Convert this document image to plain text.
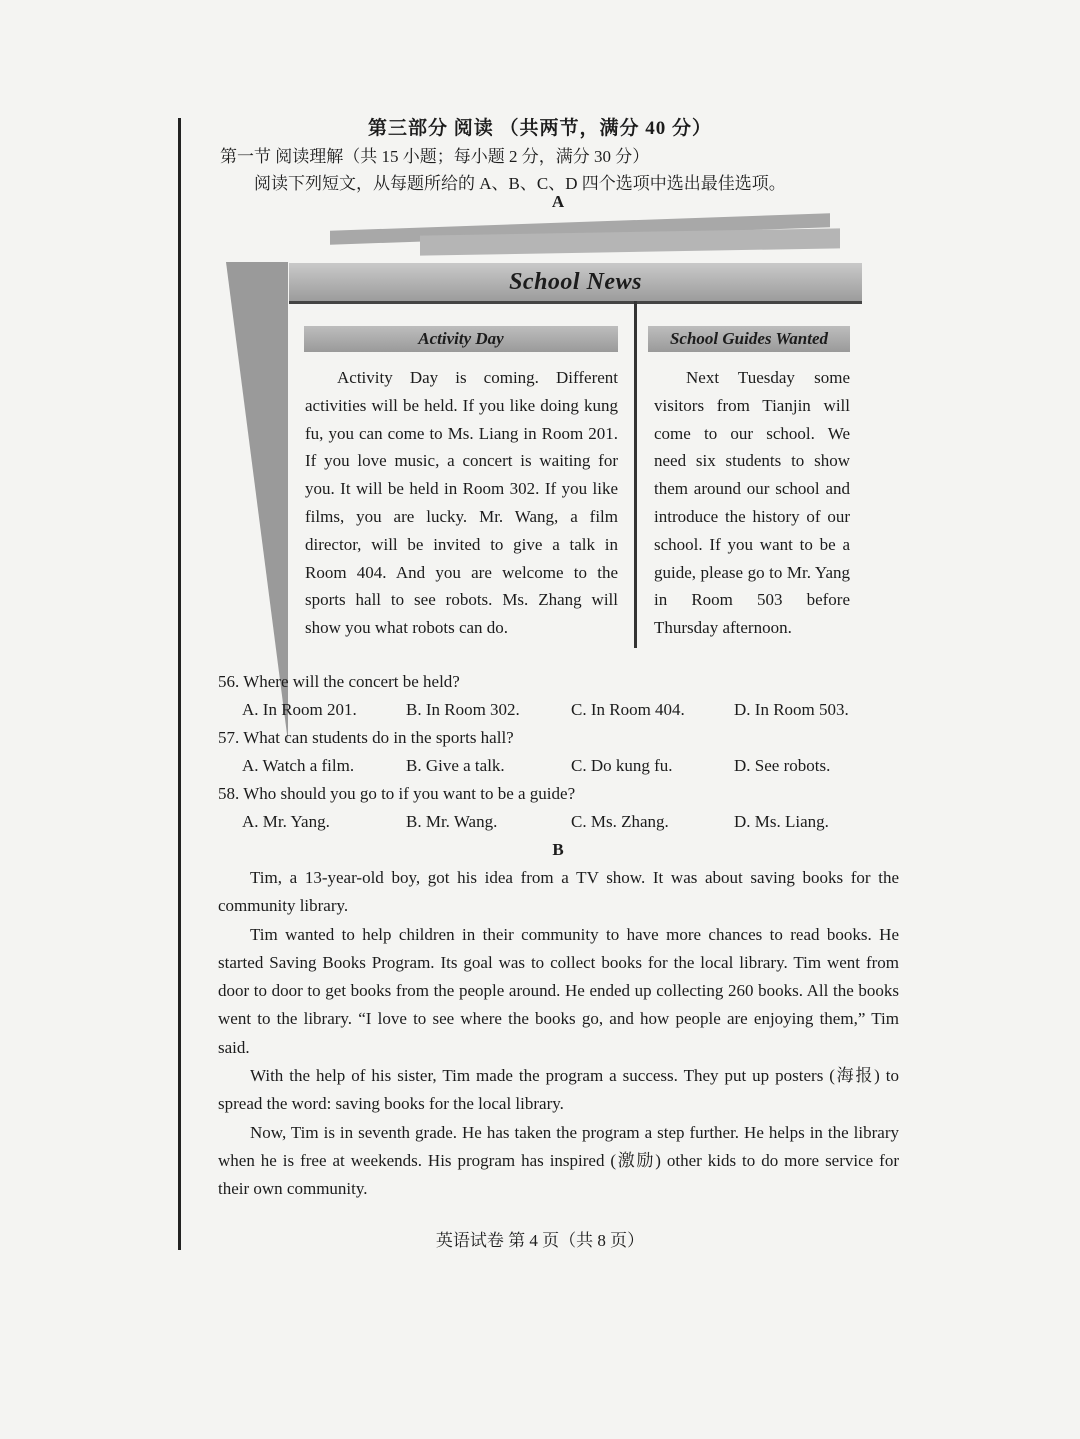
第三部分 阅读 （共两节，满分 40 分）
第一节 阅读理解（共 15 小题；每小题 2 分，满分 30 分）
阅读下列短文，从每题所给的 A、B、C、D 四个选项中选出最佳选项。
A
School News
Activity Day

Activity Day is coming. Different activities will be held. If you like doing kung fu, you can come to Ms. Liang in Room 201. If you love music, a concert is waiting for you. It will be held in Room 302. If you like films, you are lucky. Mr. Wang, a film director, will be invited to give a talk in Room 404. And you are welcome to the sports hall to see robots. Ms. Zhang will show you what robots can do.

School Guides Wanted

Next Tuesday some visitors from Tianjin will come to our school. We need six students to show them around our school and introduce the history of our school. If you want to be a guide, please go to Mr. Yang in Room 503 before Thursday afternoon.

56. Where will the concert be held?
A. In Room 201.	B. In Room 302.	C. In Room 404.	D. In Room 503.
57. What can students do in the sports hall?
A. Watch a film.	B. Give a talk.	C. Do kung fu.	D. See robots.
58. Who should you go to if you want to be a guide?
A. Mr. Yang.	B. Mr. Wang.	C. Ms. Zhang.	D. Ms. Liang.
B

Tim, a 13-year-old boy, got his idea from a TV show. It was about saving books for the community library.

Tim wanted to help children in their community to have more chances to read books. He started Saving Books Program. Its goal was to collect books for the local library. Tim went from door to door to get books from the people around. He ended up collecting 260 books. All the books went to the library. “I love to see where the books go, and how people are enjoying them,” Tim said.

With the help of his sister, Tim made the program a success. They put up posters (海报) to spread the word: saving books for the local library.

Now, Tim is in seventh grade. He has taken the program a step further. He helps in the library when he is free at weekends. His program has inspired (激励) other kids to do more service for their own community.

英语试卷 第 4 页（共 8 页）
